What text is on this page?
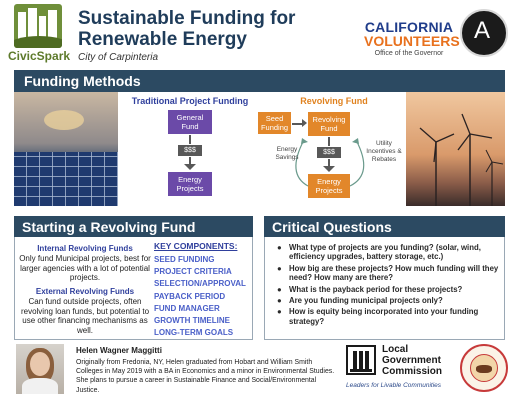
CivicSpark
Sustainable Funding for Renewable Energy
City of Carpinteria
CALIFORNIA
VOLUNTEERS
Office of the Governor
A
Funding Methods
Traditional Project Funding
General Fund
$$$
Energy Projects
Revolving Fund
Seed Funding
Revolving Fund
$$$
Energy Projects
Energy Savings
Utility Incentives & Rebates
Starting a Revolving Fund
Internal Revolving Funds
Only fund Municipal projects, best for larger agencies with a lot of potential projects.
External Revolving Funds
Can fund outside projects, often revolving loan funds, but potential to use other financing mechanisms as well.
KEY COMPONENTS:
SEED FUNDING
PROJECT CRITERIA
SELECTION/APPROVAL
PAYBACK PERIOD
FUND MANAGER
GROWTH TIMELINE
LONG-TERM GOALS
Critical Questions
● What type of projects are you funding? (solar, wind, efficiency upgrades, battery storage, etc.)
● How big are these projects? How much funding will they need? How many are there?
● What is the payback period for these projects?
● Are you funding municipal projects only?
● How is equity being incorporated into your funding strategy?
Helen Wagner Maggitti
Originally from Fredonia, NY, Helen graduated from Hobart and William Smith Colleges in May 2019 with a BA in Economics and a minor in Environmental Studies. She plans to pursue a career in Sustainable Finance and Social/Environmental Justice.
Local Government Commission
Leaders for Livable Communities
